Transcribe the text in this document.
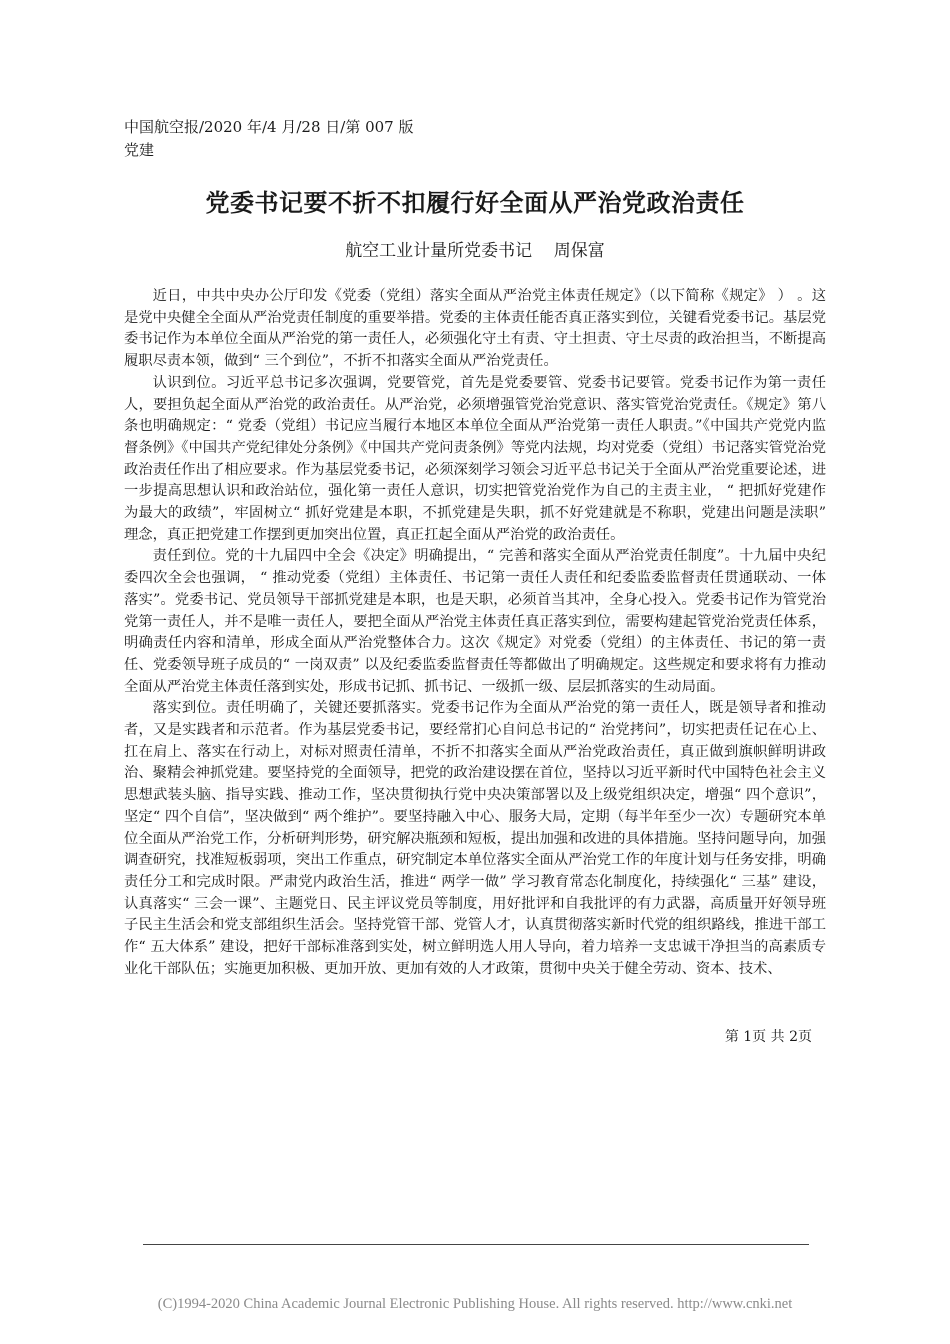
中国航空报/2020 年/4 月/28 日/第 007 版党建
党委书记要不折不扣履行好全面从严治党政治责任
航空工业计量所党委书记    周保富

近日，中共中央办公厅印发《党委（党组）落实全面从严治党主体责任规定》（以下简称《规定》 ） 。这是党中央健全全面从严治党责任制度的重要举措。党委的主体责任能否真正落实到位，关键看党委书记。基层党委书记作为本单位全面从严治党的第一责任人，必须强化守土有责、守土担责、守土尽责的政治担当，不断提高履职尽责本领，做到“ 三个到位”，不折不扣落实全面从严治党责任。

认识到位。习近平总书记多次强调，党要管党，首先是党委要管、党委书记要管。党委书记作为第一责任人，要担负起全面从严治党的政治责任。从严治党，必须增强管党治党意识、落实管党治党责任。《规定》第八条也明确规定：“ 党委（党组）书记应当履行本地区本单位全面从严治党第一责任人职责。”《中国共产党党内监督条例》《中国共产党纪律处分条例》《中国共产党问责条例》等党内法规，均对党委（党组）书记落实管党治党政治责任作出了相应要求。作为基层党委书记，必须深刻学习领会习近平总书记关于全面从严治党重要论述，进一步提高思想认识和政治站位，强化第一责任人意识，切实把管党治党作为自己的主责主业， “ 把抓好党建作为最大的政绩”，牢固树立“ 抓好党建是本职，不抓党建是失职，抓不好党建就是不称职，党建出问题是渎职” 理念，真正把党建工作摆到更加突出位置，真正扛起全面从严治党的政治责任。

责任到位。党的十九届四中全会《决定》明确提出，“ 完善和落实全面从严治党责任制度”。十九届中央纪委四次全会也强调， “ 推动党委（党组）主体责任、书记第一责任人责任和纪委监委监督责任贯通联动、一体落实”。党委书记、党员领导干部抓党建是本职，也是天职，必须首当其冲，全身心投入。党委书记作为管党治党第一责任人，并不是唯一责任人，要把全面从严治党主体责任真正落实到位，需要构建起管党治党责任体系，明确责任内容和清单，形成全面从严治党整体合力。这次《规定》对党委（党组）的主体责任、书记的第一责任、党委领导班子成员的“ 一岗双责” 以及纪委监委监督责任等都做出了明确规定。这些规定和要求将有力推动全面从严治党主体责任落到实处，形成书记抓、抓书记、一级抓一级、层层抓落实的生动局面。

落实到位。责任明确了，关键还要抓落实。党委书记作为全面从严治党的第一责任人，既是领导者和推动者，又是实践者和示范者。作为基层党委书记，要经常扪心自问总书记的“ 治党拷问”，切实把责任记在心上、扛在肩上、落实在行动上，对标对照责任清单，不折不扣落实全面从严治党政治责任，真正做到旗帜鲜明讲政治、聚精会神抓党建。要坚持党的全面领导，把党的政治建设摆在首位，坚持以习近平新时代中国特色社会主义思想武装头脑、指导实践、推动工作，坚决贯彻执行党中央决策部署以及上级党组织决定，增强“ 四个意识”，坚定“ 四个自信”，坚决做到“ 两个维护”。要坚持融入中心、服务大局，定期（每半年至少一次）专题研究本单位全面从严治党工作，分析研判形势，研究解决瓶颈和短板，提出加强和改进的具体措施。坚持问题导向，加强调查研究，找准短板弱项，突出工作重点，研究制定本单位落实全面从严治党工作的年度计划与任务安排，明确责任分工和完成时限。严肃党内政治生活，推进“ 两学一做” 学习教育常态化制度化，持续强化“ 三基” 建设，认真落实“ 三会一课”、主题党日、民主评议党员等制度，用好批评和自我批评的有力武器，高质量开好领导班子民主生活会和党支部组织生活会。坚持党管干部、党管人才，认真贯彻落实新时代党的组织路线，推进干部工作“ 五大体系” 建设，把好干部标准落到实处，树立鲜明选人用人导向，着力培养一支忠诚干净担当的高素质专业化干部队伍；实施更加积极、更加开放、更加有效的人才政策，贯彻中央关于健全劳动、资本、技术、

第 1页 共 2页
(C)1994-2020 China Academic Journal Electronic Publishing House. All rights reserved. http://www.cnki.net
